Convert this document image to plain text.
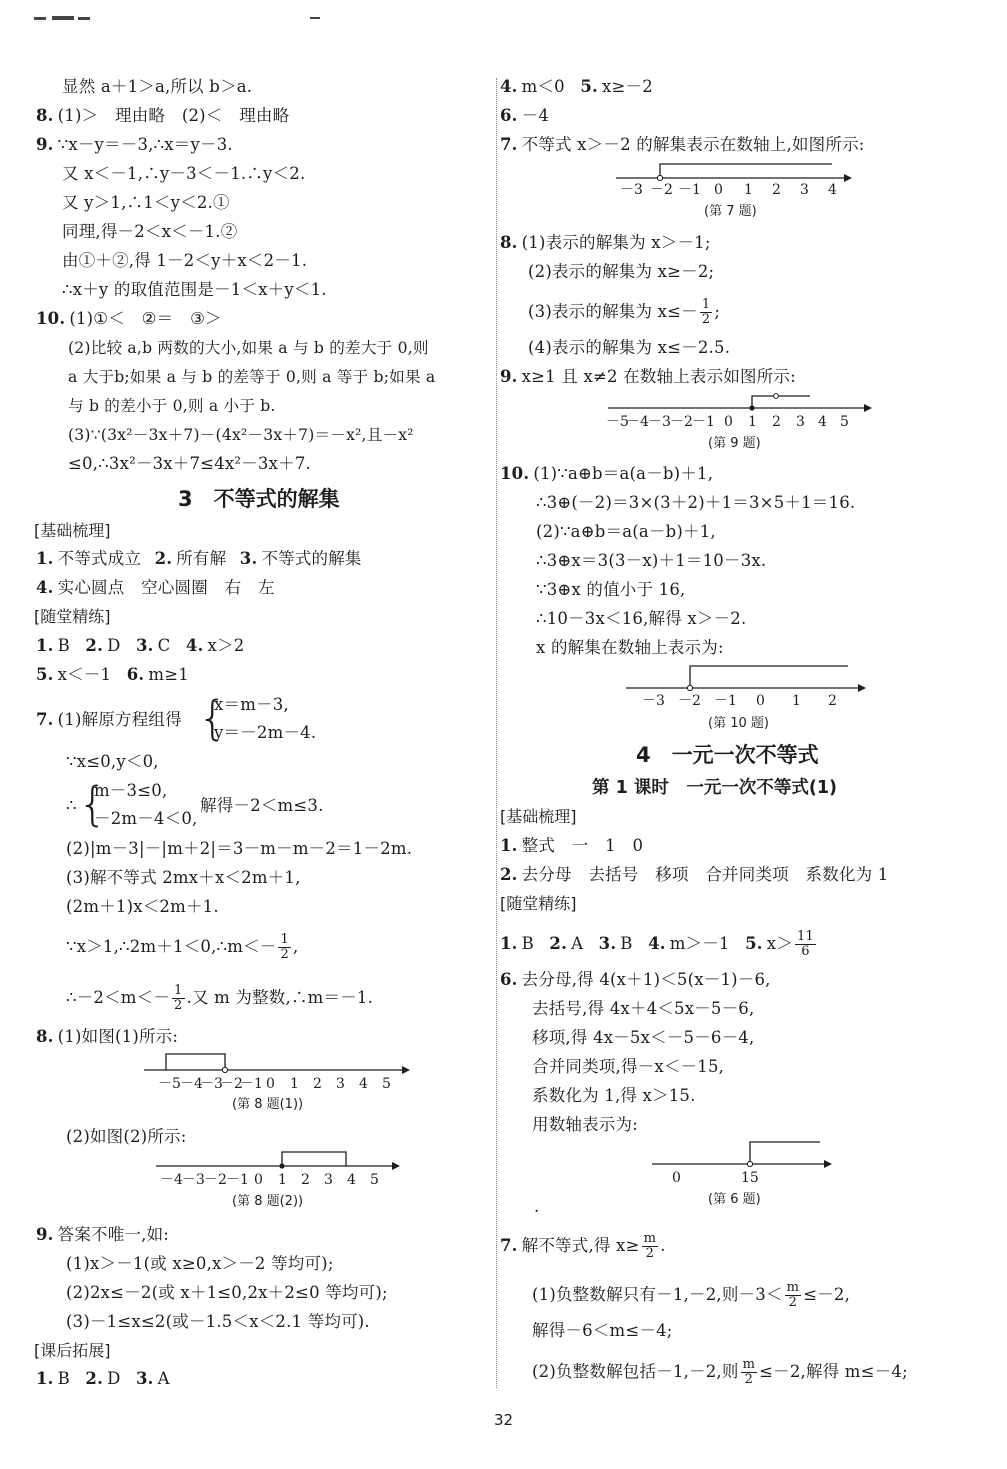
显然 a＋1＞a,所以 b＞a.
8. (1)＞　理由略　(2)＜　理由略
9. ∵x－y＝－3,∴x＝y－3.
又 x＜－1,∴y－3＜－1.∴y＜2.
又 y＞1,∴1＜y＜2.①
同理,得－2＜x＜－1.②
由①＋②,得 1－2＜y＋x＜2－1.
∴x＋y 的取值范围是－1＜x＋y＜1.
10. (1)①＜　②＝　③＞
(2)比较 a,b 两数的大小,如果 a 与 b 的差大于 0,则
a 大于b;如果 a 与 b 的差等于 0,则 a 等于 b;如果 a
与 b 的差小于 0,则 a 小于 b.
(3)∵(3x²－3x＋7)－(4x²－3x＋7)＝－x²,且－x²
≤0,∴3x²－3x＋7≤4x²－3x＋7.
3　不等式的解集
[基础梳理]
1. 不等式成立 2. 所有解 3. 不等式的解集
4. 实心圆点　空心圆圈　右　左
[随堂精练]
1. B 2. D 3. C 4. x＞2
5. x＜－1 6. m≥1
7. (1)解原方程组得 {
x＝m－3,
y＝－2m－4.
∵x≤0,y＜0,
∴ {
m－3≤0,
－2m－4＜0,
解得－2＜m≤3.
(2)|m－3|－|m＋2|＝3－m－m－2＝1－2m.
(3)解不等式 2mx＋x＜2m＋1,
(2m＋1)x＜2m＋1.
∵x＞1,∴2m＋1＜0,∴m＜－ $\frac{1}{2}$ ,
∴－2＜m＜－ $\frac{1}{2}$ .又 m 为整数,∴m＝－1.
8. (1)如图(1)所示:
－5 －4
－3
－2
－1 0 1 2 3 4 5
(第 8 题(1))
(2)如图(2)所示:
－4 －3 －2 －1 0 1 2 3 4 5
(第 8 题(2))
9. 答案不唯一,如:
(1)x＞－1(或 x≥0,x＞－2 等均可);
(2)2x≤－2(或 x＋1≤0,2x＋2≤0 等均可);
(3)－1≤x≤2(或－1.5＜x＜2.1 等均可).
[课后拓展]
1. B 2. D 3. A
4. m＜0 5. x≥－2
6. －4
7. 不等式 x＞－2 的解集表示在数轴上,如图所示:
－3 －2 －1 0 1 2 3 4
(第 7 题)
8. (1)表示的解集为 x＞－1;
(2)表示的解集为 x≥－2;
(3)表示的解集为 $x\le- \frac{1}{2}$ ;
(4)表示的解集为 x≤－2.5.
9. x≥1 且 x≠2 在数轴上表示如图所示:
－5
－4 －3 －2 －1 0 1 2 3 4 5
(第 9 题)
10. (1)∵a⊕b＝a(a－b)＋1,
∴3⊕(－2)＝3×(3＋2)＋1＝3×5＋1＝16.
(2)∵a⊕b＝a(a－b)＋1,
∴3⊕x＝3(3－x)＋1＝10－3x.
∵3⊕x 的值小于 16,
∴10－3x＜16,解得 x＞－2.
x 的解集在数轴上表示为:
－3 －2 －1 0 1 2
(第 10 题)
4　一元一次不等式
第 1 课时　一元一次不等式(1)
[基础梳理]
1. 整式　一　1　0
2. 去分母　去括号　移项　合并同类项　系数化为 1
[随堂精练]
1. B 2. A 3. B 4. m＞－1 5. $x> \frac{11}{6}$
6. 去分母,得 4(x＋1)＜5(x－1)－6,
去括号,得 4x＋4＜5x－5－6,
移项,得 4x－5x＜－5－6－4,
合并同类项,得－x＜－15,
系数化为 1,得 x＞15.
用数轴表示为:
0	15
(第 6 题)
.
7. 解不等式,得 $x\ge \frac{m}{2}$ .
(1)负整数解只有－1,－2,则$-3< \frac{m}{2} \le-2$,
解得－6＜m≤－4;
(2)负整数解包括－1,－2,则 $\frac{m}{2} \le-2$,解得 m≤－4;
32
